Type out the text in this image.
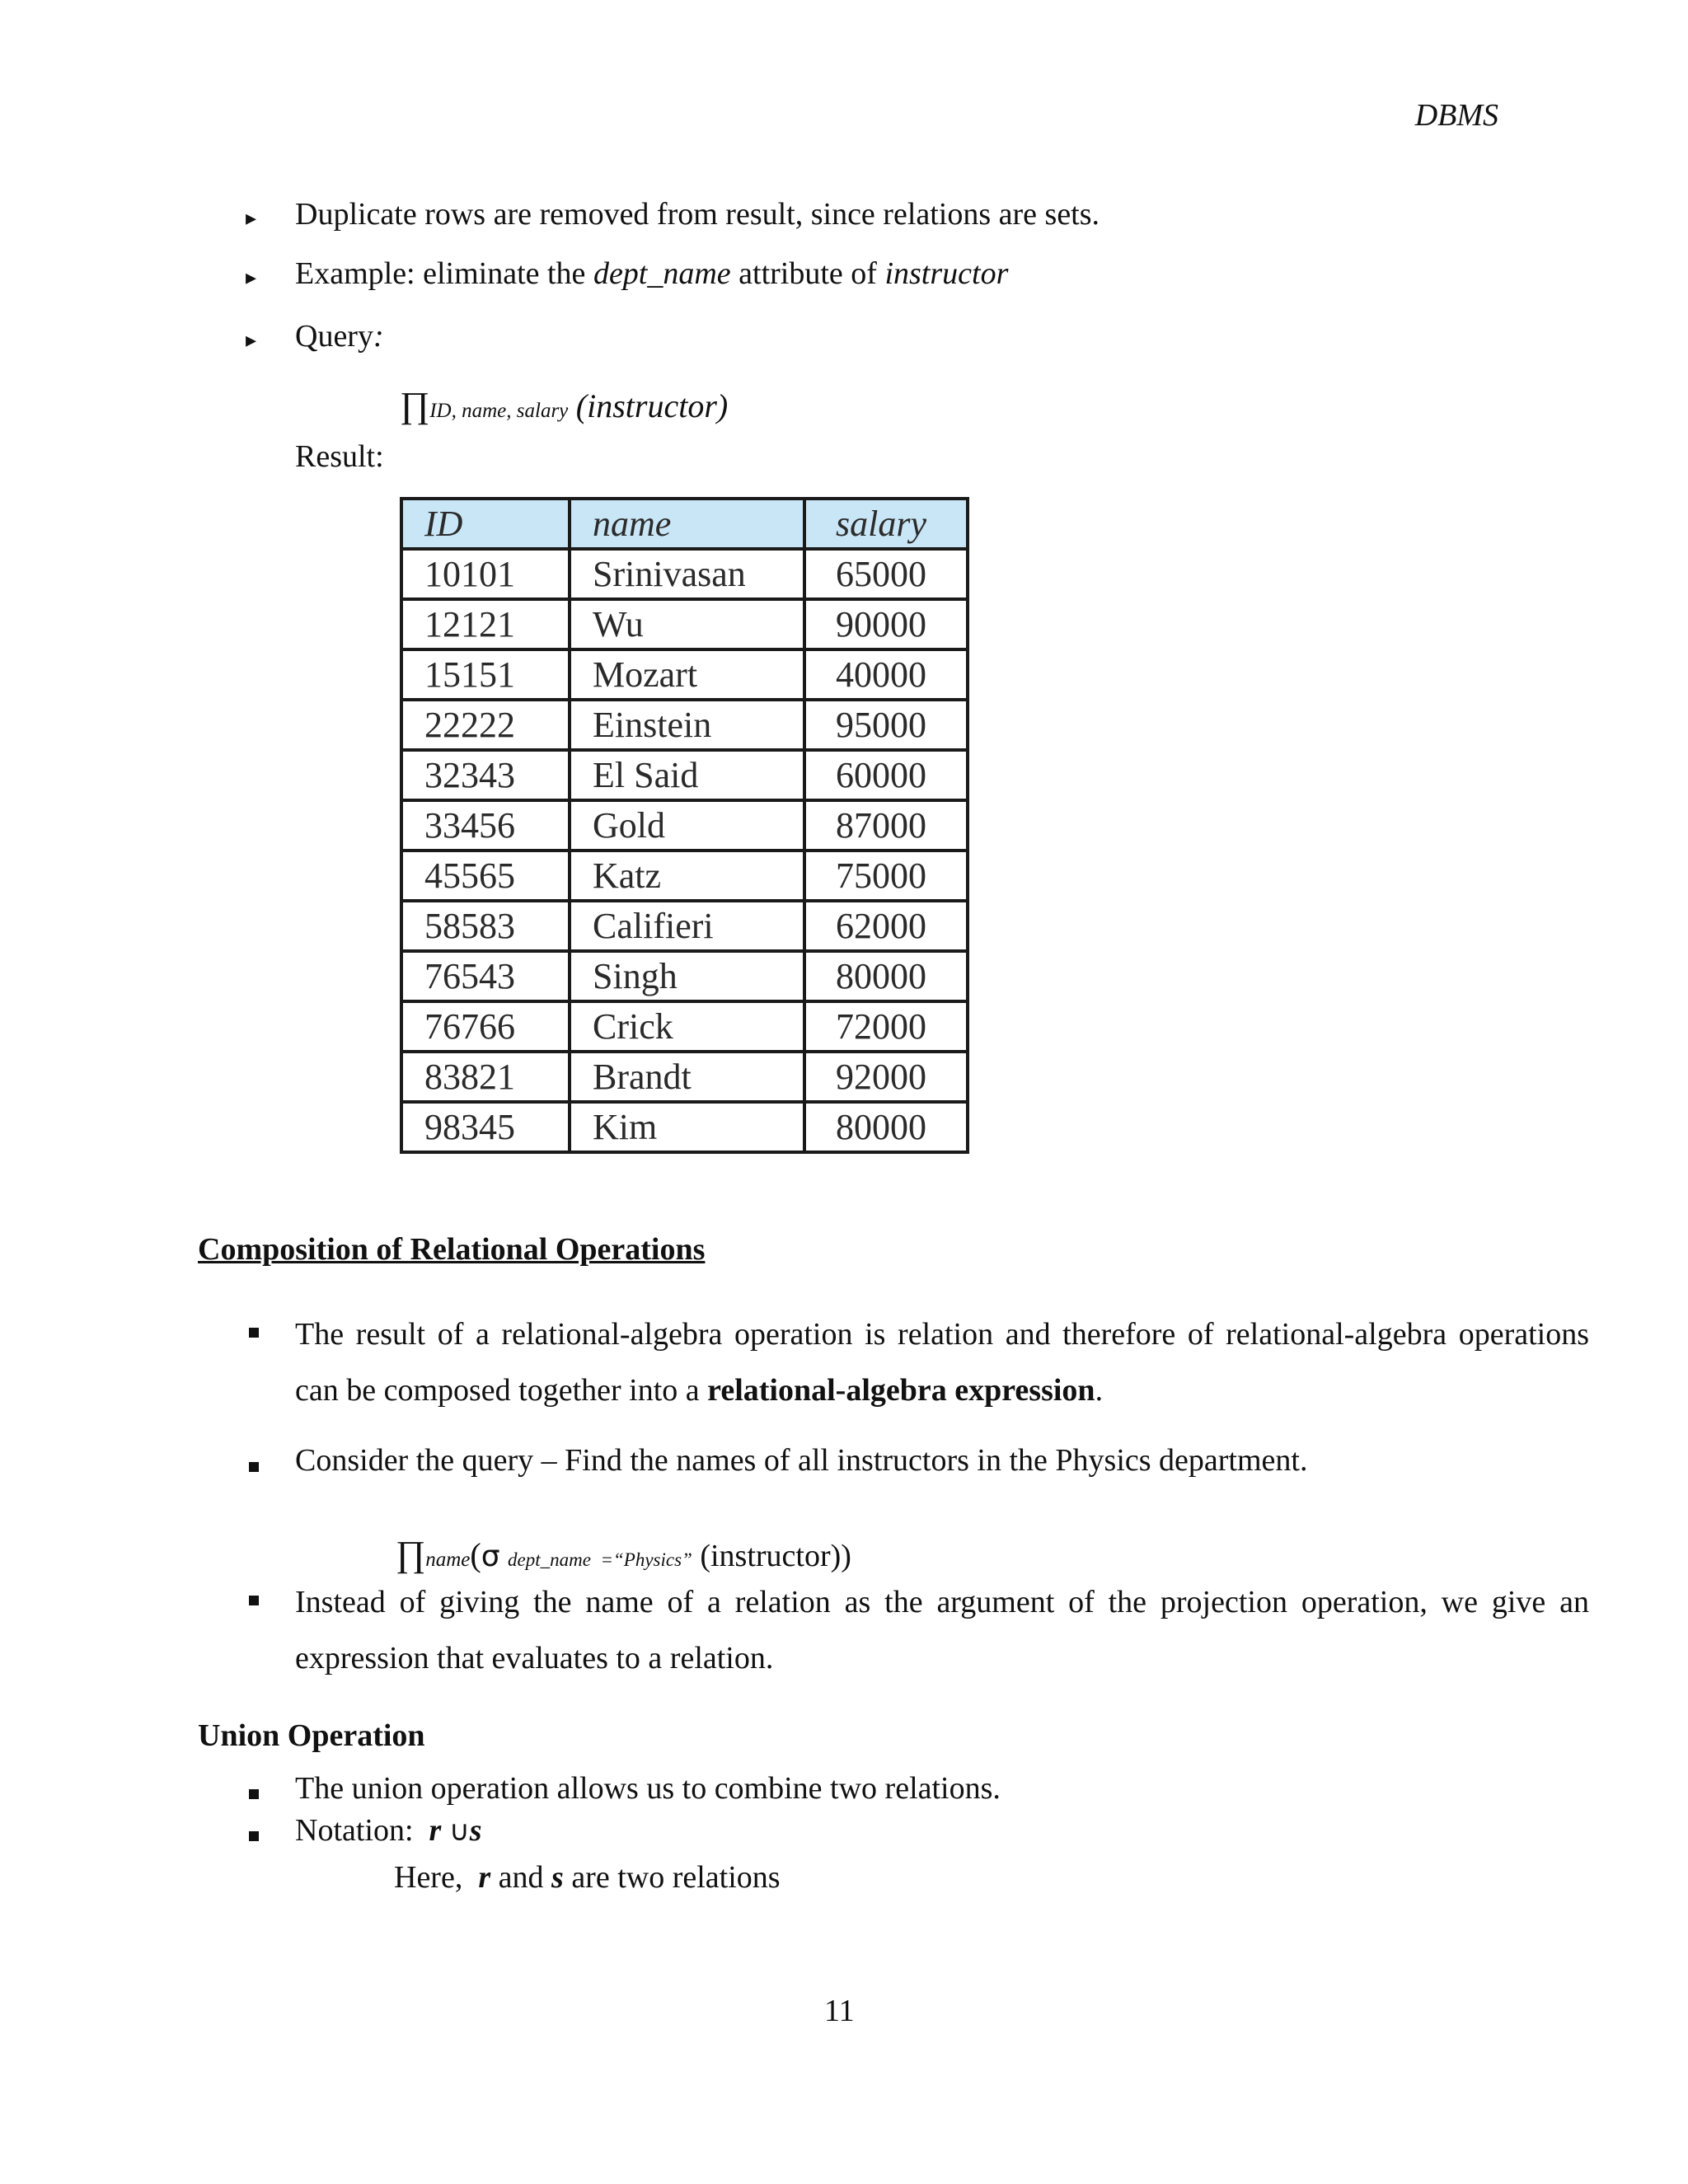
DBMS
▸ Duplicate rows are removed from result, since relations are sets.
▸ Example: eliminate the dept_name attribute of instructor
▸ Query:
∏ID, name, salary (instructor)
Result:
ID	name	salary
10101	Srinivasan	65000
12121	Wu	90000
15151	Mozart	40000
22222	Einstein	95000
32343	El Said	60000
33456	Gold	87000
45565	Katz	75000
58583	Califieri	62000
76543	Singh	80000
76766	Crick	72000
83821	Brandt	92000
98345	Kim	80000
Composition of Relational Operations
The result of a relational-algebra operation is relation and therefore of relational-algebra operations can be composed together into a relational-algebra expression.
Consider the query – Find the names of all instructors in the Physics department.
∏name(σ dept_name  =“Physics” (instructor))
Instead of giving the name of a relation as the argument of the projection operation, we give an expression that evaluates to a relation.
Union Operation
The union operation allows us to combine two relations.
Notation: r ∪s
Here, r and s are two relations
11
